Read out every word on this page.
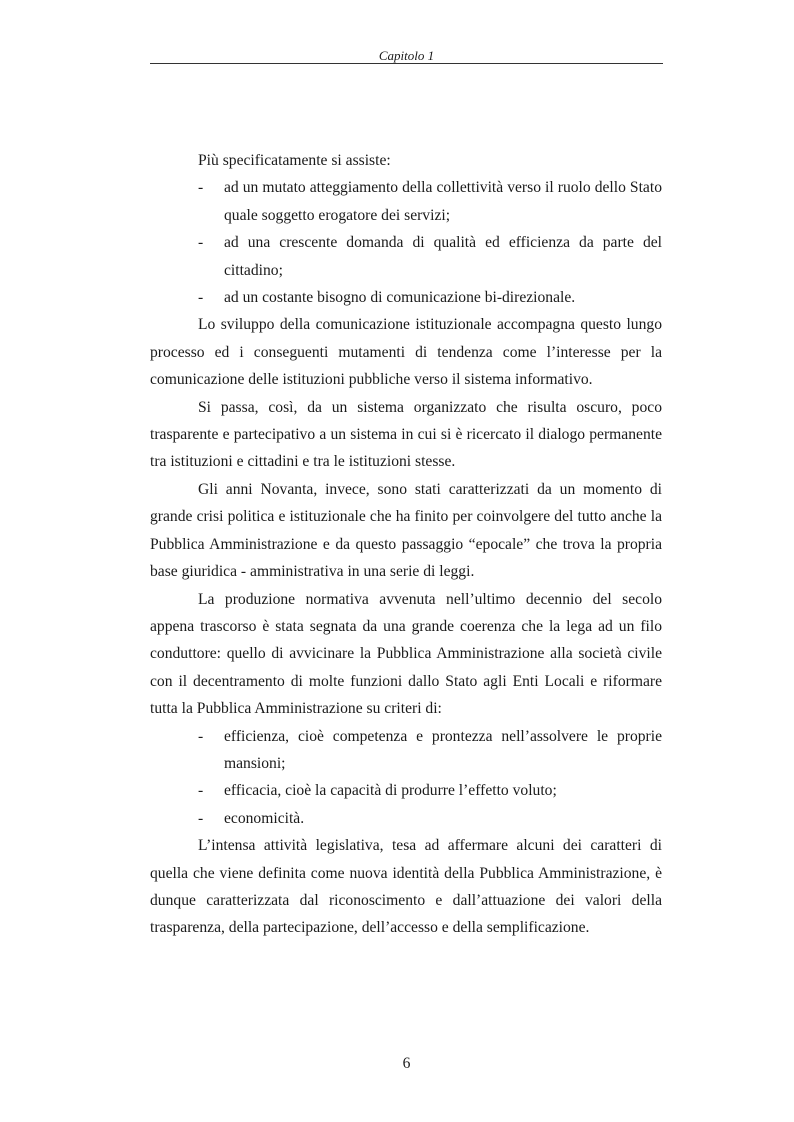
Capitolo 1

Più specificatamente si assiste:

- ad un mutato atteggiamento della collettività verso il ruolo dello Stato quale soggetto erogatore dei servizi;
- ad una crescente domanda di qualità ed efficienza da parte del cittadino;
- ad un costante bisogno di comunicazione bi-direzionale.

Lo sviluppo della comunicazione istituzionale accompagna questo lungo processo ed i conseguenti mutamenti di tendenza come l’interesse per la comunicazione delle istituzioni pubbliche verso il sistema informativo.

Si passa, così, da un sistema organizzato che risulta oscuro, poco trasparente e partecipativo a un sistema in cui si è ricercato il dialogo permanente tra istituzioni e cittadini e tra le istituzioni stesse.

Gli anni Novanta, invece, sono stati caratterizzati da un momento di grande crisi politica e istituzionale che ha finito per coinvolgere del tutto anche la Pubblica Amministrazione e da questo passaggio “epocale” che trova la propria base giuridica - amministrativa in una serie di leggi.

La produzione normativa avvenuta nell’ultimo decennio del secolo appena trascorso è stata segnata da una grande coerenza che la lega ad un filo conduttore: quello di avvicinare la Pubblica Amministrazione alla società civile con il decentramento di molte funzioni dallo Stato agli Enti Locali e riformare tutta la Pubblica Amministrazione su criteri di:

- efficienza, cioè competenza e prontezza nell’assolvere le proprie mansioni;
- efficacia, cioè la capacità di produrre l’effetto voluto;
- economicità.

L’intensa attività legislativa, tesa ad affermare alcuni dei caratteri di quella che viene definita come nuova identità della Pubblica Amministrazione, è dunque caratterizzata dal riconoscimento e dall’attuazione dei valori della trasparenza, della partecipazione, dell’accesso e della semplificazione.

6
